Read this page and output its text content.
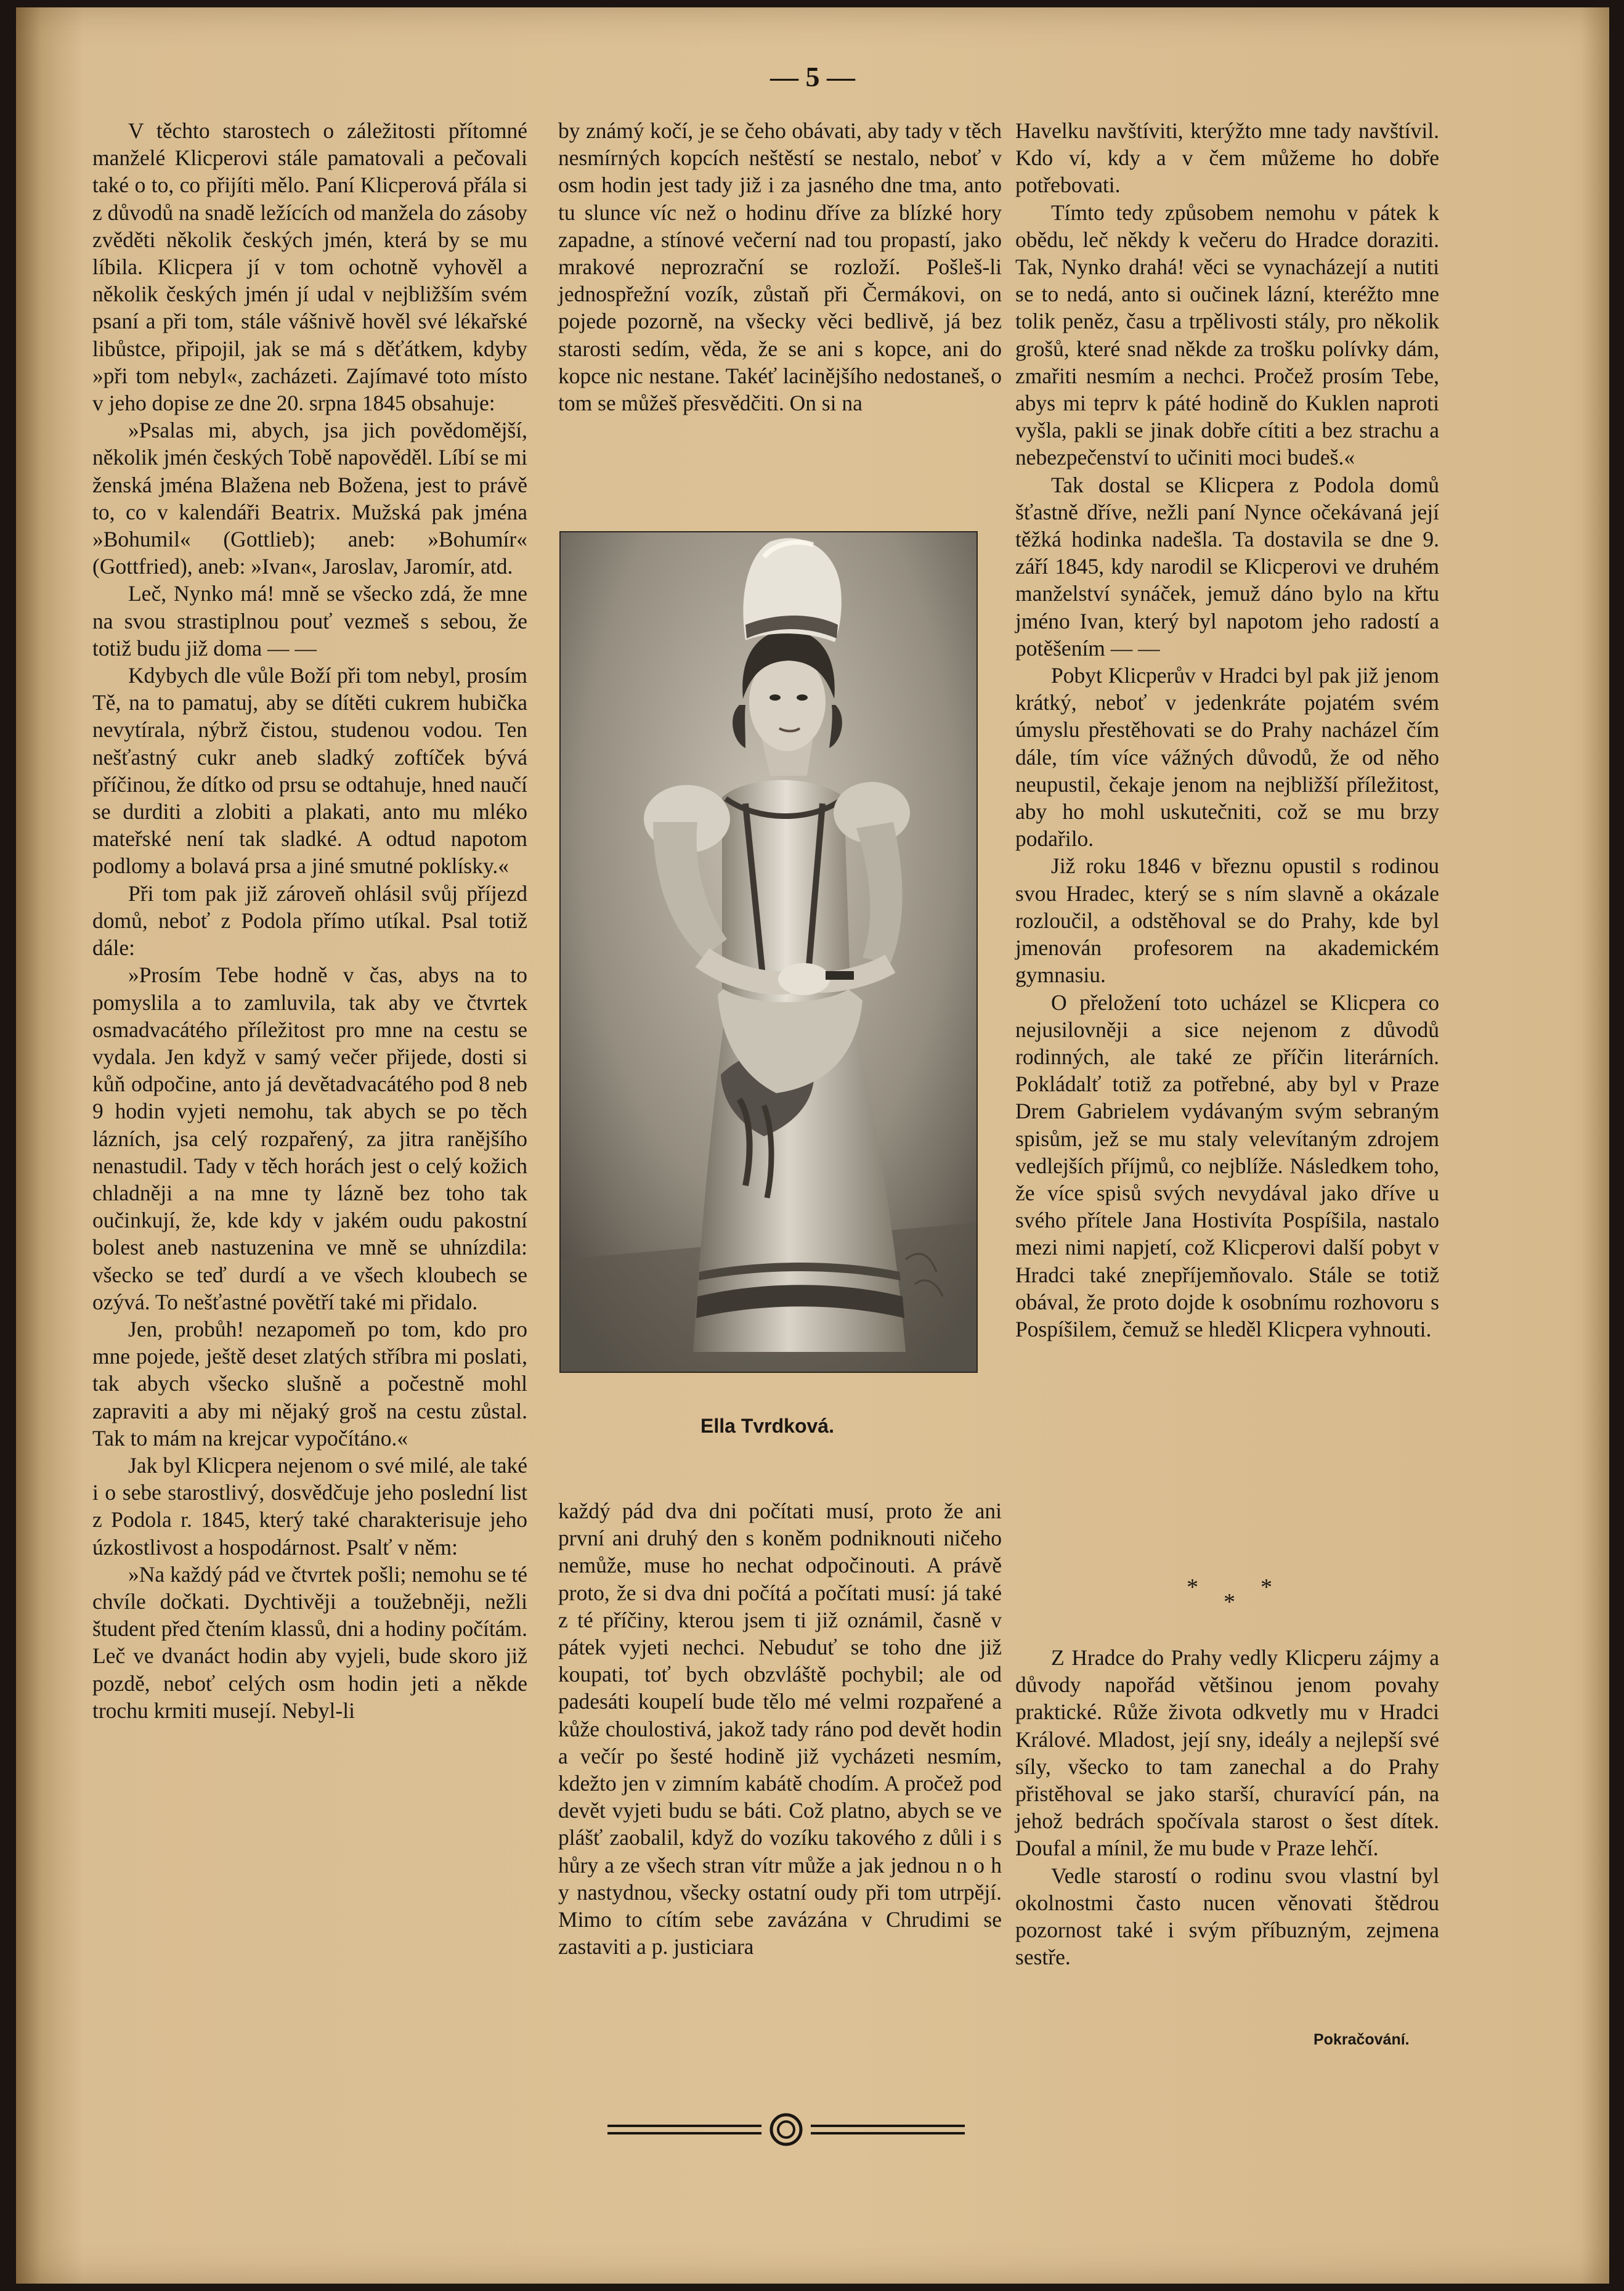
— 5 —

V těchto starostech o záležitosti přítomné manželé Klicperovi stále pamatovali a pečovali také o to, co přijíti mělo. Paní Klicperová přála si z důvodů na snadě ležících od manžela do zásoby zvěděti několik českých jmén, která by se mu líbila. Klicpera jí v tom ochotně vyhověl a několik českých jmén jí udal v nejbližším svém psaní a při tom, stále vášnivě hověl své lékařské libůstce, připojil, jak se má s děťátkem, kdyby »při tom nebyl«, zacházeti. Zajímavé toto místo v jeho dopise ze dne 20. srpna 1845 obsahuje:

»Psalas mi, abych, jsa jich povědomější, několik jmén českých Tobě napověděl. Líbí se mi ženská jména Blažena neb Božena, jest to právě to, co v kalendáři Beatrix. Mužská pak jména »Bohumil« (Gottlieb); aneb: »Bohumír« (Gottfried), aneb: »Ivan«, Jaroslav, Jaromír, atd.

Leč, Nynko má! mně se všecko zdá, že mne na svou strastiplnou pouť vezmeš s sebou, že totiž budu již doma — —

Kdybych dle vůle Boží při tom nebyl, prosím Tě, na to pamatuj, aby se dítěti cukrem hubička nevytírala, nýbrž čistou, studenou vodou. Ten nešťastný cukr aneb sladký zoftíček bývá příčinou, že dítko od prsu se odtahuje, hned naučí se durditi a zlobiti a plakati, anto mu mléko mateřské není tak sladké. A odtud napotom podlomy a bolavá prsa a jiné smutné poklísky.«

Při tom pak již zároveň ohlásil svůj příjezd domů, neboť z Podola přímo utíkal. Psal totiž dále:

»Prosím Tebe hodně v čas, abys na to pomyslila a to zamluvila, tak aby ve čtvrtek osmadvacátého příležitost pro mne na cestu se vydala. Jen když v samý večer přijede, dosti si kůň odpočine, anto já devětadvacátého pod 8 neb 9 hodin vyjeti nemohu, tak abych se po těch lázních, jsa celý rozpařený, za jitra ranějšího nenastudil. Tady v těch horách jest o celý kožich chladněji a na mne ty lázně bez toho tak oučinkují, že, kde kdy v jakém oudu pakostní bolest aneb nastuzenina ve mně se uhnízdila: všecko se teď durdí a ve všech kloubech se ozývá. To nešťastné povětří také mi přidalo.

Jen, probůh! nezapomeň po tom, kdo pro mne pojede, ještě deset zlatých stříbra mi poslati, tak abych všecko slušně a počestně mohl zapraviti a aby mi nějaký groš na cestu zůstal. Tak to mám na krejcar vypočítáno.«

Jak byl Klicpera nejenom o své milé, ale také i o sebe starostlivý, dosvědčuje jeho poslední list z Podola r. 1845, který také charakterisuje jeho úzkostlivost a hospodárnost. Psalť v něm:

»Na každý pád ve čtvrtek pošli; nemohu se té chvíle dočkati. Dychtivěji a toužebněji, nežli študent před čtením klassů, dni a hodiny počítám. Leč ve dvanáct hodin aby vyjeli, bude skoro již pozdě, neboť celých osm hodin jeti a někde trochu krmiti musejí. Nebyl-li

by známý kočí, je se čeho obávati, aby tady v těch nesmírných kopcích neštěstí se nestalo, neboť v osm hodin jest tady již i za jasného dne tma, anto tu slunce víc než o hodinu dříve za blízké hory zapadne, a stínové večerní nad tou propastí, jako mrakové neprozrační se rozloží. Pošleš-li jednospřežní vozík, zůstaň při Čermákovi, on pojede pozorně, na všecky věci bedlivě, já bez starosti sedím, věda, že se ani s kopce, ani do kopce nic nestane. Takéť lacinějšího nedostaneš, o tom se můžeš přesvědčiti. On si na

Ella Tvrdková.

každý pád dva dni počítati musí, proto že ani první ani druhý den s koněm podniknouti ničeho nemůže, muse ho nechat odpočinouti. A právě proto, že si dva dni počítá a počítati musí: já také z té příčiny, kterou jsem ti již oznámil, časně v pátek vyjeti nechci. Nebuduť se toho dne již koupati, toť bych obzvláště pochybil; ale od padesáti koupelí bude tělo mé velmi rozpařené a kůže choulostivá, jakož tady ráno pod devět hodin a večír po šesté hodině již vycházeti nesmím, kdežto jen v zimním kabátě chodím. A pročež pod devět vyjeti budu se báti. Což platno, abych se ve plášť zaobalil, když do vozíku takového z důli i s hůry a ze všech stran vítr může a jak jednou n o h y nastydnou, všecky ostatní oudy při tom utrpějí. Mimo to cítím sebe zavázána v Chrudimi se zastaviti a p. justiciara

Havelku navštíviti, kterýžto mne tady navštívil. Kdo ví, kdy a v čem můžeme ho dobře potřebovati.

Tímto tedy způsobem nemohu v pátek k obědu, leč někdy k večeru do Hradce doraziti. Tak, Nynko drahá! věci se vynacházejí a nutiti se to nedá, anto si oučinek lázní, kteréžto mne tolik peněz, času a trpělivosti stály, pro několik grošů, které snad někde za trošku polívky dám, zmařiti nesmím a nechci. Pročež prosím Tebe, abys mi teprv k páté hodině do Kuklen naproti vyšla, pakli se jinak dobře cítiti a bez strachu a nebezpečenství to učiniti moci budeš.«

Tak dostal se Klicpera z Podola domů šťastně dříve, nežli paní Nynce očekávaná její těžká hodinka nadešla. Ta dostavila se dne 9. září 1845, kdy narodil se Klicperovi ve druhém manželství synáček, jemuž dáno bylo na křtu jméno Ivan, který byl napotom jeho radostí a potěšením — —

Pobyt Klicperův v Hradci byl pak již jenom krátký, neboť v jedenkráte pojatém svém úmyslu přestěhovati se do Prahy nacházel čím dále, tím více vážných důvodů, že od něho neupustil, čekaje jenom na nejbližší příležitost, aby ho mohl uskutečniti, což se mu brzy podařilo.

Již roku 1846 v březnu opustil s rodinou svou Hradec, který se s ním slavně a okázale rozloučil, a odstěhoval se do Prahy, kde byl jmenován profesorem na akademickém gymnasiu.

O přeložení toto ucházel se Klicpera co nejusilovněji a sice nejenom z důvodů rodinných, ale také ze příčin literárních. Pokládalť totiž za potřebné, aby byl v Praze Drem Gabrielem vydávaným svým sebraným spisům, jež se mu staly velevítaným zdrojem vedlejších příjmů, co nejblíže. Následkem toho, že více spisů svých nevydával jako dříve u svého přítele Jana Hostivíta Pospíšila, nastalo mezi nimi napjetí, což Klicperovi další pobyt v Hradci také znepříjemňovalo. Stále se totiž obával, že proto dojde k osobnímu rozhovoru s Pospíšilem, čemuž se hleděl Klicpera vyhnouti.

*
*
*

Z Hradce do Prahy vedly Klicperu zájmy a důvody napořád většinou jenom povahy praktické. Růže života odkvetly mu v Hradci Králové. Mladost, její sny, ideály a nejlepší své síly, všecko to tam zanechal a do Prahy přistěhoval se jako starší, churavící pán, na jehož bedrách spočívala starost o šest dítek. Doufal a mínil, že mu bude v Praze lehčí.

Vedle starostí o rodinu svou vlastní byl okolnostmi často nucen věnovati štědrou pozornost také i svým příbuzným, zejmena sestře.

Pokračování.
